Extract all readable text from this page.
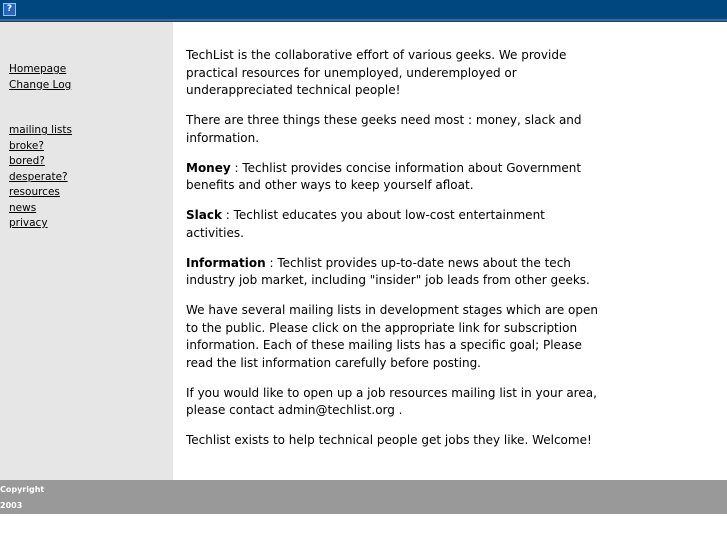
?
Homepage
Change Log
mailing lists
broke?
bored?
desperate?
resources
news
privacy

TechList is the collaborative effort of various geeks. We provide practical resources for unemployed, underemployed or underappreciated technical people!

There are three things these geeks need most : money, slack and information.

Money : Techlist provides concise information about Government benefits and other ways to keep yourself afloat.

Slack : Techlist educates you about low-cost entertainment activities.

Information : Techlist provides up-to-date news about the tech industry job market, including "insider" job leads from other geeks.

We have several mailing lists in development stages which are open to the public. Please click on the appropriate link for subscription information. Each of these mailing lists has a specific goal; Please read the list information carefully before posting.

If you would like to open up a job resources mailing list in your area, please contact admin@techlist.org .

Techlist exists to help technical people get jobs they like. Welcome!

Copyright
2003
